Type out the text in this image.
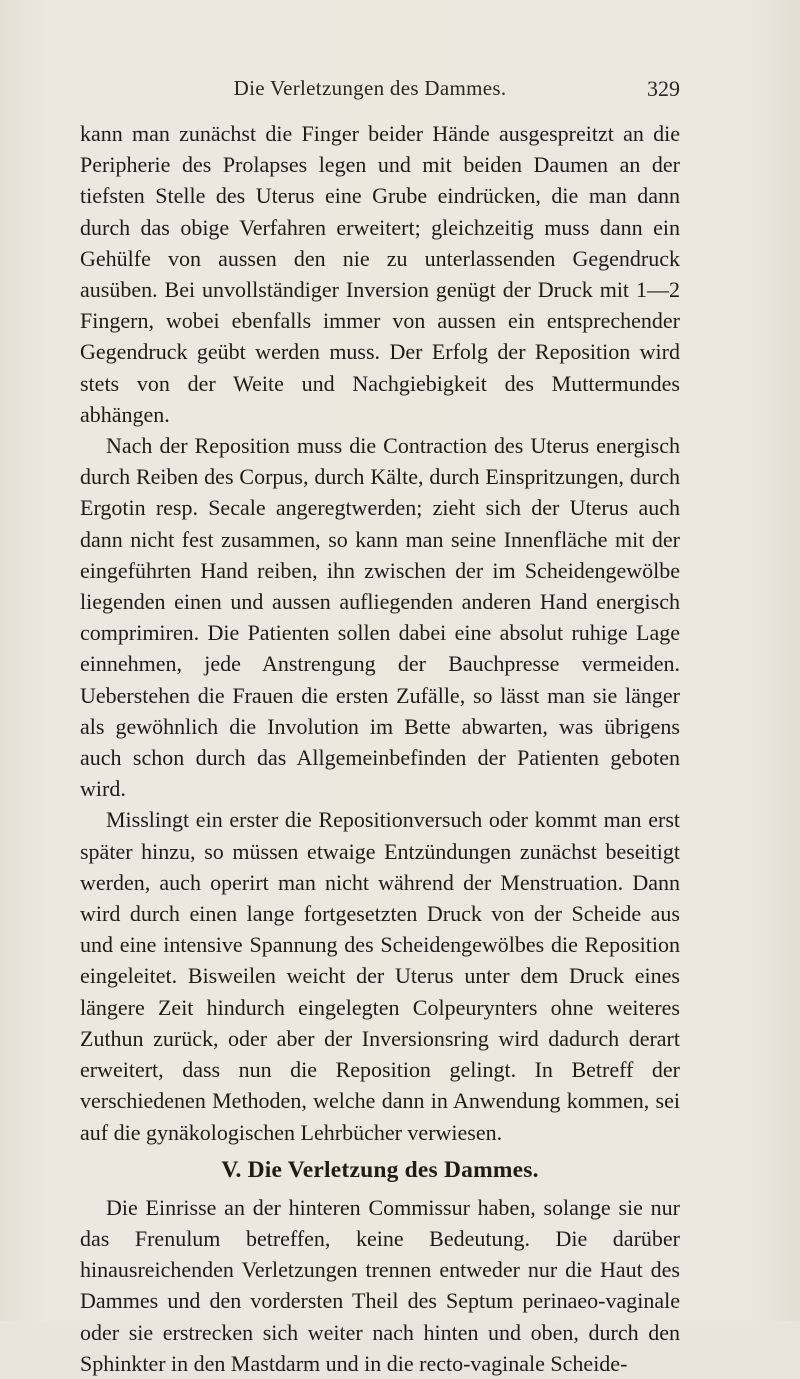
Die Verletzungen des Dammes.	329

kann man zunächst die Finger beider Hände ausgespreitzt an die Peripherie des Prolapses legen und mit beiden Daumen an der tiefsten Stelle des Uterus eine Grube eindrücken, die man dann durch das obige Verfahren erweitert; gleichzeitig muss dann ein Gehülfe von aussen den nie zu unterlassenden Gegendruck ausüben. Bei unvollständiger Inversion genügt der Druck mit 1—2 Fingern, wobei ebenfalls immer von aussen ein entsprechender Gegendruck geübt werden muss. Der Erfolg der Reposition wird stets von der Weite und Nachgiebigkeit des Muttermundes abhängen.

Nach der Reposition muss die Contraction des Uterus energisch durch Reiben des Corpus, durch Kälte, durch Einspritzungen, durch Ergotin resp. Secale angeregtwerden; zieht sich der Uterus auch dann nicht fest zusammen, so kann man seine Innenfläche mit der eingeführten Hand reiben, ihn zwischen der im Scheidengewölbe liegenden einen und aussen aufliegenden anderen Hand energisch comprimiren. Die Patienten sollen dabei eine absolut ruhige Lage einnehmen, jede Anstrengung der Bauchpresse vermeiden. Ueberstehen die Frauen die ersten Zufälle, so lässt man sie länger als gewöhnlich die Involution im Bette abwarten, was übrigens auch schon durch das Allgemeinbefinden der Patienten geboten wird.

Misslingt ein erster die Repositionversuch oder kommt man erst später hinzu, so müssen etwaige Entzündungen zunächst beseitigt werden, auch operirt man nicht während der Menstruation. Dann wird durch einen lange fortgesetzten Druck von der Scheide aus und eine intensive Spannung des Scheidengewölbes die Reposition eingeleitet. Bisweilen weicht der Uterus unter dem Druck eines längere Zeit hindurch eingelegten Colpeurynters ohne weiteres Zuthun zurück, oder aber der Inversionsring wird dadurch derart erweitert, dass nun die Reposition gelingt. In Betreff der verschiedenen Methoden, welche dann in Anwendung kommen, sei auf die gynäkologischen Lehrbücher verwiesen.

V. Die Verletzung des Dammes.

Die Einrisse an der hinteren Commissur haben, solange sie nur das Frenulum betreffen, keine Bedeutung. Die darüber hinausreichenden Verletzungen trennen entweder nur die Haut des Dammes und den vordersten Theil des Septum perinaeo-vaginale oder sie erstrecken sich weiter nach hinten und oben, durch den Sphinkter in den Mastdarm und in die recto-vaginale Scheide-
